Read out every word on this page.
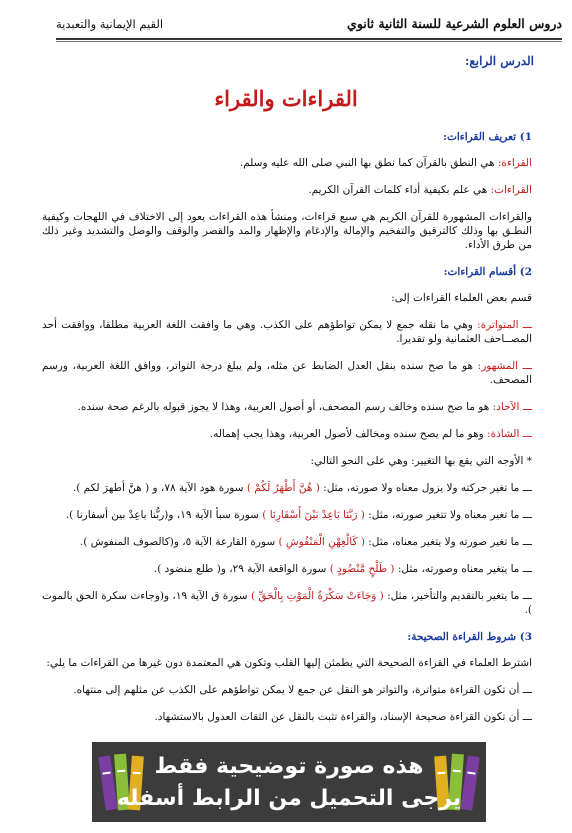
دروس العلوم الشرعية للسنة الثانية ثانوي
القيم الإيمانية والتعبدية
الدرس الرابع:
القراءات والقراء
1) تعريف القراءات:
القراءة: هي النطق بالقرآن كما نطق بها النبي صلى الله عليه وسلم.
القراءات: هي علم بكيفية أداء كلمات القرآن الكريم.
والقراءات المشهورة للقرآن الكريم هي سبع قراءات، ومنشأ هذه القراءات يعود إلى الاختلاف في اللهجات وكيفية النطـق بها وذلك كالترقيق والتفخيم والإمالة والإدغام والإظهار والمد والقصر والوقف والوصل والتشديد وغير ذلك من طرق الأداء.
2) أقسام القراءات:
قسم بعض العلماء القراءات إلى:
ـــ المتواترة: وهي ما نقله جمع لا يمكن تواطؤهم على الكذب. وهي ما وافقت اللغة العربية مطلقا، ووافقت أحد المصــاحف العثمانية ولو تقديرا.
ـــ المشهور: هو ما صح سنده بنقل العدل الضابط عن مثله، ولم يبلغ درجة التواتر، ووافق اللغة العربية، ورسم المصحف.
ـــ الآحاد: هو ما صح سنده وخالف رسم المصحف، أو أصول العربية، وهذا لا يجوز قبوله بالرغم صحة سنده.
ـــ الشاذة: وهو ما لم يصح سنده ومخالف لأصول العربية، وهذا يجب إهماله.
* الأوجه التي يقع بها التغيير: وهي على النحو التالي:
ـــ ما تغير حركته ولا يزول معناه ولا صورته، مثل: ( هُنَّ أَطْهَرُ لَكُمْ ) سورة هود الآية ٧٨، و ( هنَّ أطهرَ لكم ).
ـــ ما تغير معناه ولا تتغير صورته، مثل: ( رَبَّنَا بَاعِدْ بَيْنَ أَسْفَارِنَا ) سورة سبأ الآية ١٩، و(ربُّنا باعِدْ بين أسفارنا ).
ـــ ما تغير صورته ولا يتغير معناه، مثل: ( كَالْعِهْنِ الْمَنْفُوشِ ) سورة القارعة الآية ٥، و(كالصوف المنفوش ).
ـــ ما يتغير معناه وصورته، مثل: ( طَلْحٍ مَّنْضُودٍ ) سورة الواقعة الآية ٢٩، و( طلع منضود ).
ـــ ما يتغير بالتقديم والتأخير، مثل: ( وَجَاءَتْ سَكْرَةُ الْمَوْتِ بِالْحَقِّ ) سورة ق الآية ١٩، و(وجاءت سكرة الحق بالموت ).
3) شروط القراءة الصحيحة:
اشترط العلماء في القراءة الصحيحة التي يطمئن إليها القلب وتكون هي المعتمدة دون غيرها من القراءات ما يلي:
ـــ أن تكون القراءة متواترة، والتواتر هو النقل عن جمع لا يمكن تواطؤهم على الكذب عن مثلهم إلى منتهاه.
ـــ أن تكون القراءة صحيحة الإسناد، والقراءة تثبت بالنقل عن الثقات العدول بالاستشهاد.
هذه صورة توضيحية فقط
يرجى التحميل من الرابط أسفله
